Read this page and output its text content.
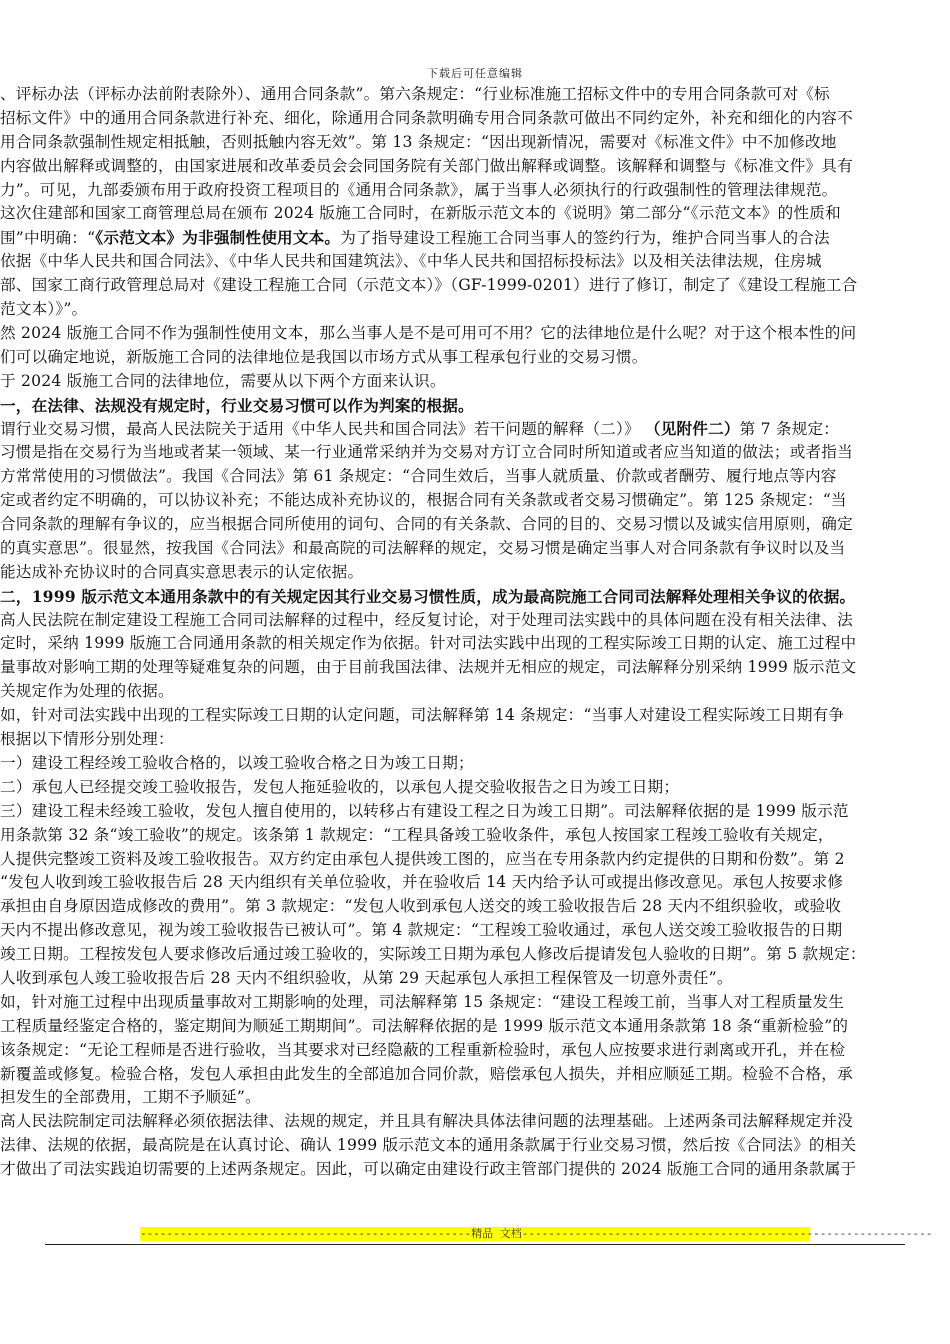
下载后可任意编辑
、评标办法（评标办法前附表除外）、通用合同条款”。第六条规定：“行业标准施工招标文件中的专用合同条款可对《标
招标文件》中的通用合同条款进行补充、细化，除通用合同条款明确专用合同条款可做出不同约定外，补充和细化的内容不
用合同条款强制性规定相抵触，否则抵触内容无效”。第 13 条规定：“因出现新情况，需要对《标准文件》中不加修改地
内容做出解释或调整的，由国家进展和改革委员会会同国务院有关部门做出解释或调整。该解释和调整与《标准文件》具有
力”。可见，九部委颁布用于政府投资工程项目的《通用合同条款》，属于当事人必须执行的行政强制性的管理法律规范。
这次住建部和国家工商管理总局在颁布 2024 版施工合同时，在新版示范文本的《说明》第二部分“《示范文本》的性质和
围”中明确：“《示范文本》为非强制性使用文本。为了指导建设工程施工合同当事人的签约行为，维护合同当事人的合法
依据《中华人民共和国合同法》、《中华人民共和国建筑法》、《中华人民共和国招标投标法》以及相关法律法规，住房城
部、国家工商行政管理总局对《建设工程施工合同（示范文本）》（GF-1999-0201）进行了修订，制定了《建设工程施工合
范文本）》”。
然 2024 版施工合同不作为强制性使用文本，那么当事人是不是可用可不用？它的法律地位是什么呢？对于这个根本性的问
们可以确定地说，新版施工合同的法律地位是我国以市场方式从事工程承包行业的交易习惯。
于 2024 版施工合同的法律地位，需要从以下两个方面来认识。
一，在法律、法规没有规定时，行业交易习惯可以作为判案的根据。
谓行业交易习惯，最高人民法院关于适用《中华人民共和国合同法》若干问题的解释（二）》 （见附件二）第 7 条规定：
习惯是指在交易行为当地或者某一领域、某一行业通常采纳并为交易对方订立合同时所知道或者应当知道的做法；或者指当
方常常使用的习惯做法”。我国《合同法》第 61 条规定：“合同生效后，当事人就质量、价款或者酬劳、履行地点等内容
定或者约定不明确的，可以协议补充；不能达成补充协议的，根据合同有关条款或者交易习惯确定”。第 125 条规定：“当
合同条款的理解有争议的，应当根据合同所使用的词句、合同的有关条款、合同的目的、交易习惯以及诚实信用原则，确定
的真实意思”。很显然，按我国《合同法》和最高院的司法解释的规定，交易习惯是确定当事人对合同条款有争议时以及当
能达成补充协议时的合同真实意思表示的认定依据。
二，1999 版示范文本通用条款中的有关规定因其行业交易习惯性质，成为最高院施工合同司法解释处理相关争议的依据。
高人民法院在制定建设工程施工合同司法解释的过程中，经反复讨论，对于处理司法实践中的具体问题在没有相关法律、法
定时，采纳 1999 版施工合同通用条款的相关规定作为依据。针对司法实践中出现的工程实际竣工日期的认定、施工过程中
量事故对影响工期的处理等疑难复杂的问题，由于目前我国法律、法规并无相应的规定，司法解释分别采纳 1999 版示范文
关规定作为处理的依据。
如，针对司法实践中出现的工程实际竣工日期的认定问题，司法解释第 14 条规定：“当事人对建设工程实际竣工日期有争
根据以下情形分别处理：
一）建设工程经竣工验收合格的，以竣工验收合格之日为竣工日期；
二）承包人已经提交竣工验收报告，发包人拖延验收的，以承包人提交验收报告之日为竣工日期；
三）建设工程未经竣工验收，发包人擅自使用的，以转移占有建设工程之日为竣工日期”。司法解释依据的是 1999 版示范
用条款第 32 条“竣工验收”的规定。该条第 1 款规定：“工程具备竣工验收条件，承包人按国家工程竣工验收有关规定，
人提供完整竣工资料及竣工验收报告。双方约定由承包人提供竣工图的，应当在专用条款内约定提供的日期和份数”。第 2
“发包人收到竣工验收报告后 28 天内组织有关单位验收，并在验收后 14 天内给予认可或提出修改意见。承包人按要求修
承担由自身原因造成修改的费用”。第 3 款规定：“发包人收到承包人送交的竣工验收报告后 28 天内不组织验收，或验收
天内不提出修改意见，视为竣工验收报告已被认可”。第 4 款规定：“工程竣工验收通过，承包人送交竣工验收报告的日期
竣工日期。工程按发包人要求修改后通过竣工验收的，实际竣工日期为承包人修改后提请发包人验收的日期”。第 5 款规定：
人收到承包人竣工验收报告后 28 天内不组织验收，从第 29 天起承包人承担工程保管及一切意外责任”。
如，针对施工过程中出现质量事故对工期影响的处理，司法解释第 15 条规定：“建设工程竣工前，当事人对工程质量发生
工程质量经鉴定合格的，鉴定期间为顺延工期期间”。司法解释依据的是 1999 版示范文本通用条款第 18 条“重新检验”的
该条规定：“无论工程师是否进行验收，当其要求对已经隐蔽的工程重新检验时，承包人应按要求进行剥离或开孔，并在检
新覆盖或修复。检验合格，发包人承担由此发生的全部追加合同价款，赔偿承包人损失，并相应顺延工期。检验不合格，承
担发生的全部费用，工期不予顺延”。
高人民法院制定司法解释必须依据法律、法规的规定，并且具有解决具体法律问题的法理基础。上述两条司法解释规定并没
法律、法规的依据，最高院是在认真讨论、确认 1999 版示范文本的通用条款属于行业交易习惯，然后按《合同法》的相关
才做出了司法实践迫切需要的上述两条规定。因此，可以确定由建设行政主管部门提供的 2024 版施工合同的通用条款属于
--------------------------------------------------精品 文档--------------------------------------------------------------
